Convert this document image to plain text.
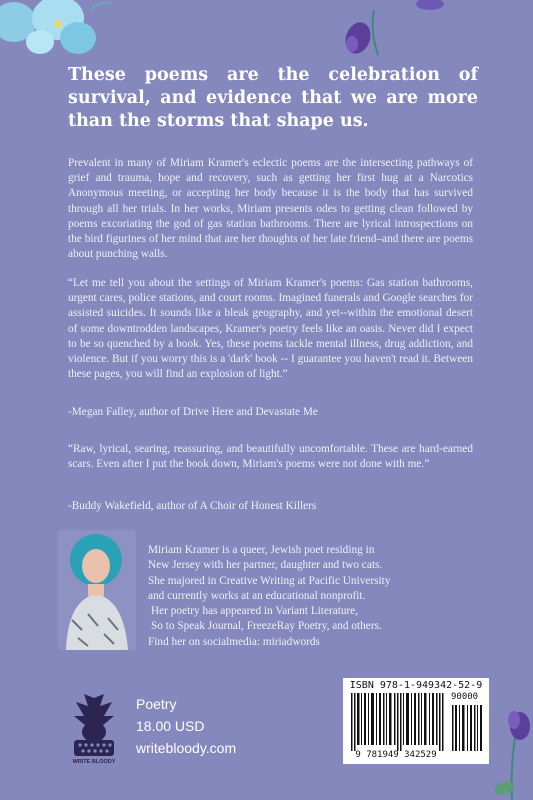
These poems are the celebration of survival, and evidence that we are more than the storms that shape us.

Prevalent in many of Miriam Kramer's eclectic poems are the intersecting pathways of grief and trauma, hope and recovery, such as getting her first hug at a Narcotics Anonymous meeting, or accepting her body because it is the body that has survived through all her trials. In her works, Miriam presents odes to getting clean followed by poems excoriating the god of gas station bathrooms. There are lyrical introspections on the bird figurines of her mind that are her thoughts of her late friend–and there are poems about punching walls.

“Let me tell you about the settings of Miriam Kramer's poems: Gas station bathrooms, urgent cares, police stations, and court rooms. Imagined funerals and Google searches for assisted suicides. It sounds like a bleak geography, and yet--within the emotional desert of some downtrodden landscapes, Kramer's poetry feels like an oasis. Never did I expect to be so quenched by a book. Yes, these poems tackle mental illness, drug addiction, and violence. But if you worry this is a 'dark' book -- I guarantee you haven't read it. Between these pages, you will find an explosion of light.”

-Megan Falley, author of Drive Here and Devastate Me

“Raw, lyrical, searing, reassuring, and beautifully uncomfortable. These are hard-earned scars. Even after I put the book down, Miriam's poems were not done with me.”

-Buddy Wakefield, author of A Choir of Honest Killers

Miriam Kramer is a queer, Jewish poet residing in
New Jersey with her partner, daughter and two cats.
She majored in Creative Writing at Pacific University
and currently works at an educational nonprofit.
Her poetry has appeared in Variant Literature,
So to Speak Journal, FreezeRay Poetry, and others.
Find her on socialmedia: miriadwords
WRITE BLOODY
Poetry
18.00 USD
writebloody.com
ISBN 978-1-949342-52-9
90000
9 781949 342529
